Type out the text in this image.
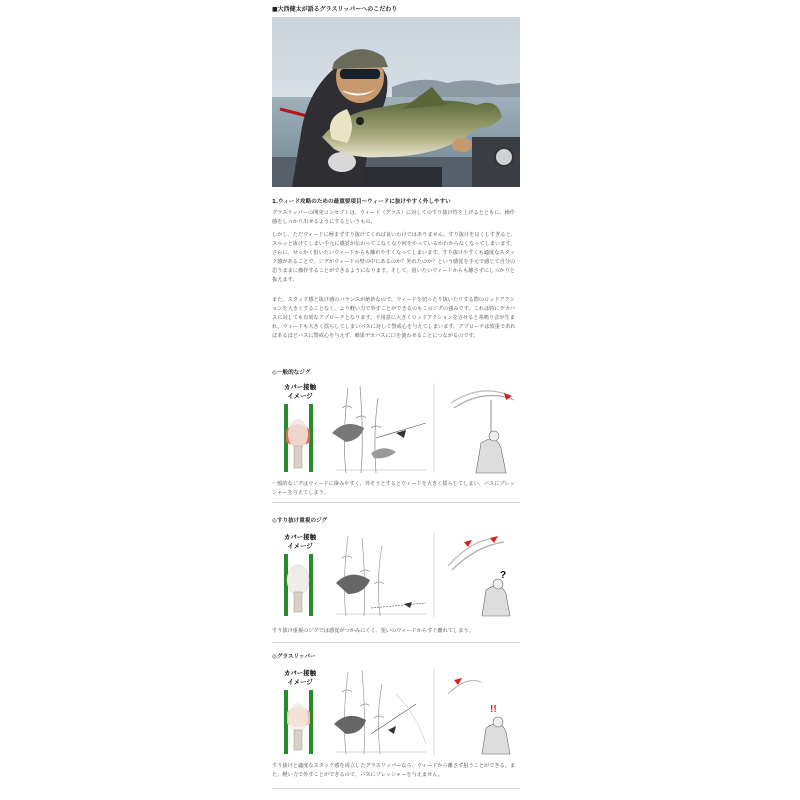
■大西健太が語るグラスリッパーへのこだわり
1.ウィード攻略のための最重要項目〜ウィードに抜けやすく外しやすい
グラスリッパーの開発コンセプトは、ウィード（グラス）に対してのすり抜け性を上げるとともに、操作感をしっかり出せるようにするというもの。
しかし、ただウィードに極まずすり抜けてくれば良いわけではありません。すり抜けを良くしすぎると、スルッと抜けてしまい手元に感覚が伝わってこなくなり何をやっているかわからなくなってしまいます。さらに、せっかく狙いたいウィードからも離れやすくなってしまいます。すり抜けやすくも適度なスタック感があることで、ジグがウィードの壁の中にあるのか？外れたのか？という感覚を手元で感じて自分の思うままに操作することができるようになります。そして、狙いたいウィードからも離さずにしっかりと抜えます。
また、スタック感と抜け感のバランスが絶妙なので、ウィードを切ったり抜いたりする際のロッドアクションを大きくすることなく、より軽い力で外すことができるのもこのジグの強みです。これは特にデカバスに対しても有効なアプローチとなります。不用意に大きくロッドアクションをさせると糸鳴り音が生まれ、ウィードも大きく揺らしてしまいバスに対して警戒心を与えてしまいます。アプローチは慎重であればあるほどバスに警戒心を与えず、喰果デカバスに口を使わせることにつながるのです。
◎一般的なジグ
カバー接触
イメージ
一般的なジグはウィードに掛みやすく、外そうとするとウィードを大きく揺らしてしまい、バスにプレッシャーを与えてしまう。
◎すり抜け重視のジグ
カバー接触
イメージ
?
すり抜け重視のジグでは感覚がつかみにくく、狙いのウィードからすぐ離れてしまう。
◎グラスリッパー
カバー接触
イメージ
!!
すり抜けと適度なスタック感を両立したグラスリッパーなら、ウィードから離さず狙うことができる。また、軽い力で外すことができるので、バスにプレッシャーを与えません。
